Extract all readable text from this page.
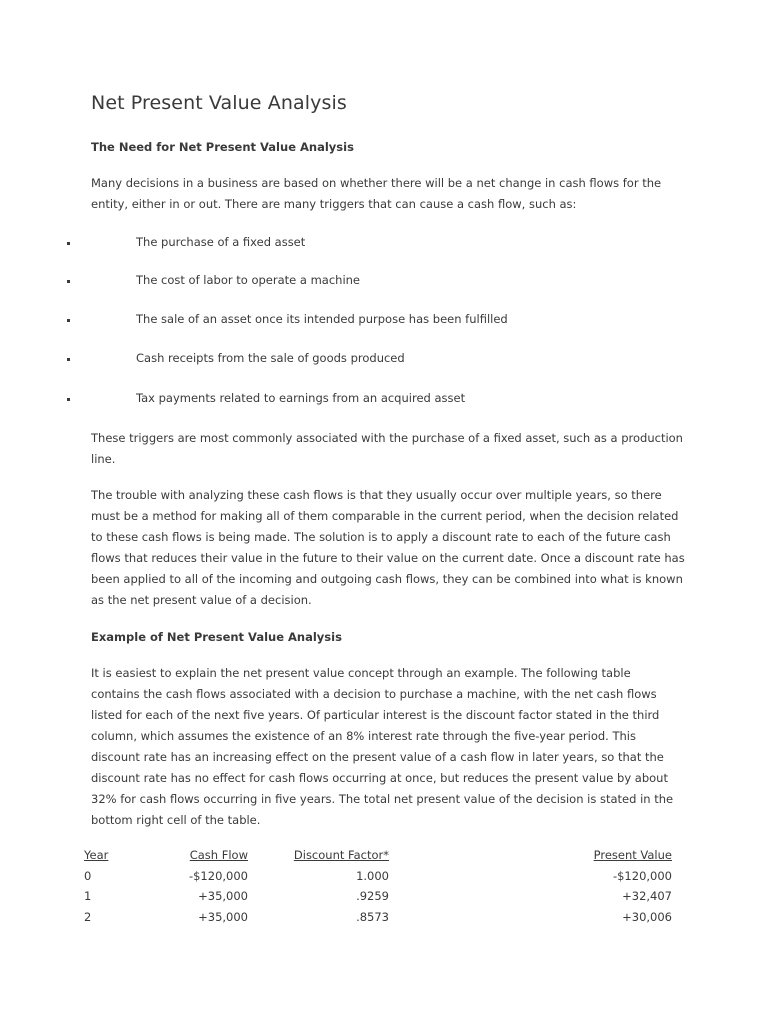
Net Present Value Analysis
The Need for Net Present Value Analysis
Many decisions in a business are based on whether there will be a net change in cash flows for the
entity, either in or out. There are many triggers that can cause a cash flow, such as:
The purchase of a fixed asset
The cost of labor to operate a machine
The sale of an asset once its intended purpose has been fulfilled
Cash receipts from the sale of goods produced
Tax payments related to earnings from an acquired asset
These triggers are most commonly associated with the purchase of a fixed asset, such as a production
line.
The trouble with analyzing these cash flows is that they usually occur over multiple years, so there
must be a method for making all of them comparable in the current period, when the decision related
to these cash flows is being made. The solution is to apply a discount rate to each of the future cash
flows that reduces their value in the future to their value on the current date. Once a discount rate has
been applied to all of the incoming and outgoing cash flows, they can be combined into what is known
as the net present value of a decision.
Example of Net Present Value Analysis
It is easiest to explain the net present value concept through an example. The following table
contains the cash flows associated with a decision to purchase a machine, with the net cash flows
listed for each of the next five years. Of particular interest is the discount factor stated in the third
column, which assumes the existence of an 8% interest rate through the five-year period. This
discount rate has an increasing effect on the present value of a cash flow in later years, so that the
discount rate has no effect for cash flows occurring at once, but reduces the present value by about
32% for cash flows occurring in five years. The total net present value of the decision is stated in the
bottom right cell of the table.
Year	Cash Flow	Discount Factor*	Present Value
0	-$120,000	1.000	-$120,000
1	+35,000	.9259	+32,407
2	+35,000	.8573	+30,006
